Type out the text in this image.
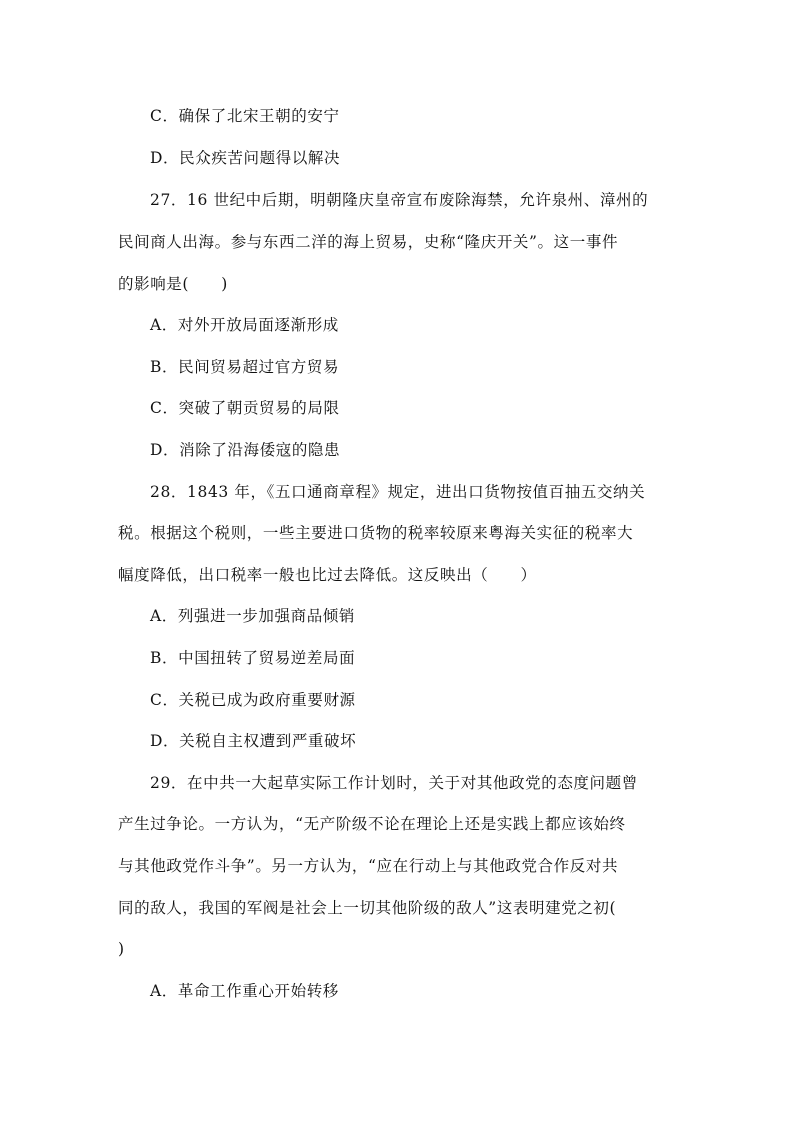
C．确保了北宋王朝的安宁
D．民众疾苦问题得以解决
27．16 世纪中后期，明朝隆庆皇帝宣布废除海禁，允许泉州、漳州的
民间商人出海。参与东西二洋的海上贸易，史称“隆庆开关”。这一事件
的影响是(　　)
A．对外开放局面逐渐形成
B．民间贸易超过官方贸易
C．突破了朝贡贸易的局限
D．消除了沿海倭寇的隐患
28．1843 年，《五口通商章程》规定，进出口货物按值百抽五交纳关
税。根据这个税则，一些主要进口货物的税率较原来粤海关实征的税率大
幅度降低，出口税率一般也比过去降低。这反映出（　　）
A．列强进一步加强商品倾销
B．中国扭转了贸易逆差局面
C．关税已成为政府重要财源
D．关税自主权遭到严重破坏
29．在中共一大起草实际工作计划时，关于对其他政党的态度问题曾
产生过争论。一方认为，“无产阶级不论在理论上还是实践上都应该始终
与其他政党作斗争”。另一方认为，“应在行动上与其他政党合作反对共
同的敌人，我国的军阀是社会上一切其他阶级的敌人”这表明建党之初(
)
A．革命工作重心开始转移
